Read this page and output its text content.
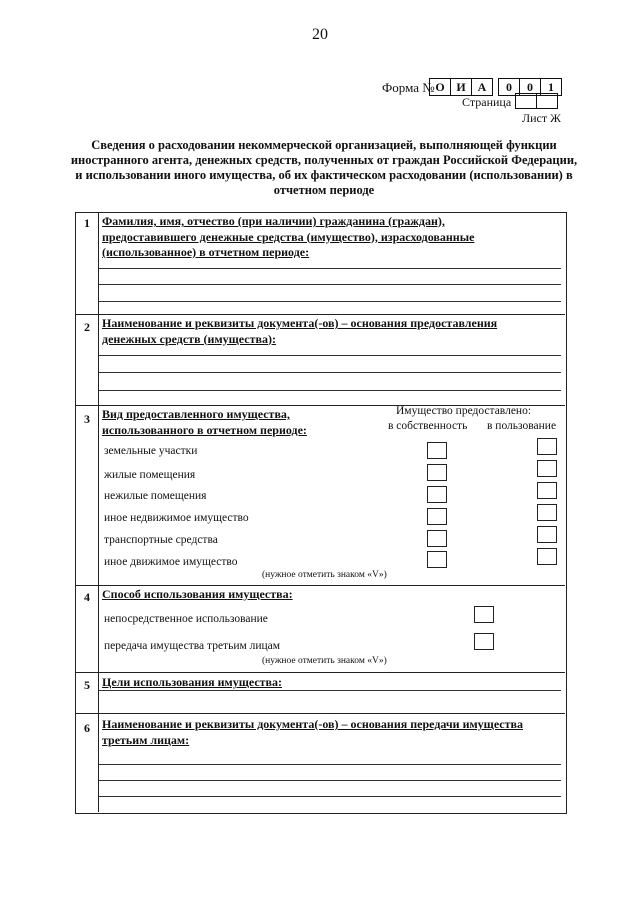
20
Форма № О И А	0	0	1
Страница
Лист Ж
Сведения о расходовании некоммерческой организацией, выполняющей функции иностранного агента, денежных средств, полученных от граждан Российской Федерации, и использовании иного имущества, об их фактическом расходовании (использовании) в отчетном периоде
1	Фамилия, имя, отчество (при наличии) гражданина (граждан), предоставившего денежные средства (имущество), израсходованные (использованное) в отчетном периоде:
2	Наименование и реквизиты документа(-ов) – основания предоставления денежных средств (имущества):
3	Вид предоставленного имущества, использованного в отчетном периоде:
Имущество предоставлено:
в собственность в пользование
земельные участки
жилые помещения
нежилые помещения
иное недвижимое имущество
транспортные средства
иное движимое имущество
(нужное отметить знаком «V»)
4	Способ использования имущества:
непосредственное использование
передача имущества третьим лицам
(нужное отметить знаком «V»)
5	Цели использования имущества:
6	Наименование и реквизиты документа(-ов) – основания передачи имущества третьим лицам:
